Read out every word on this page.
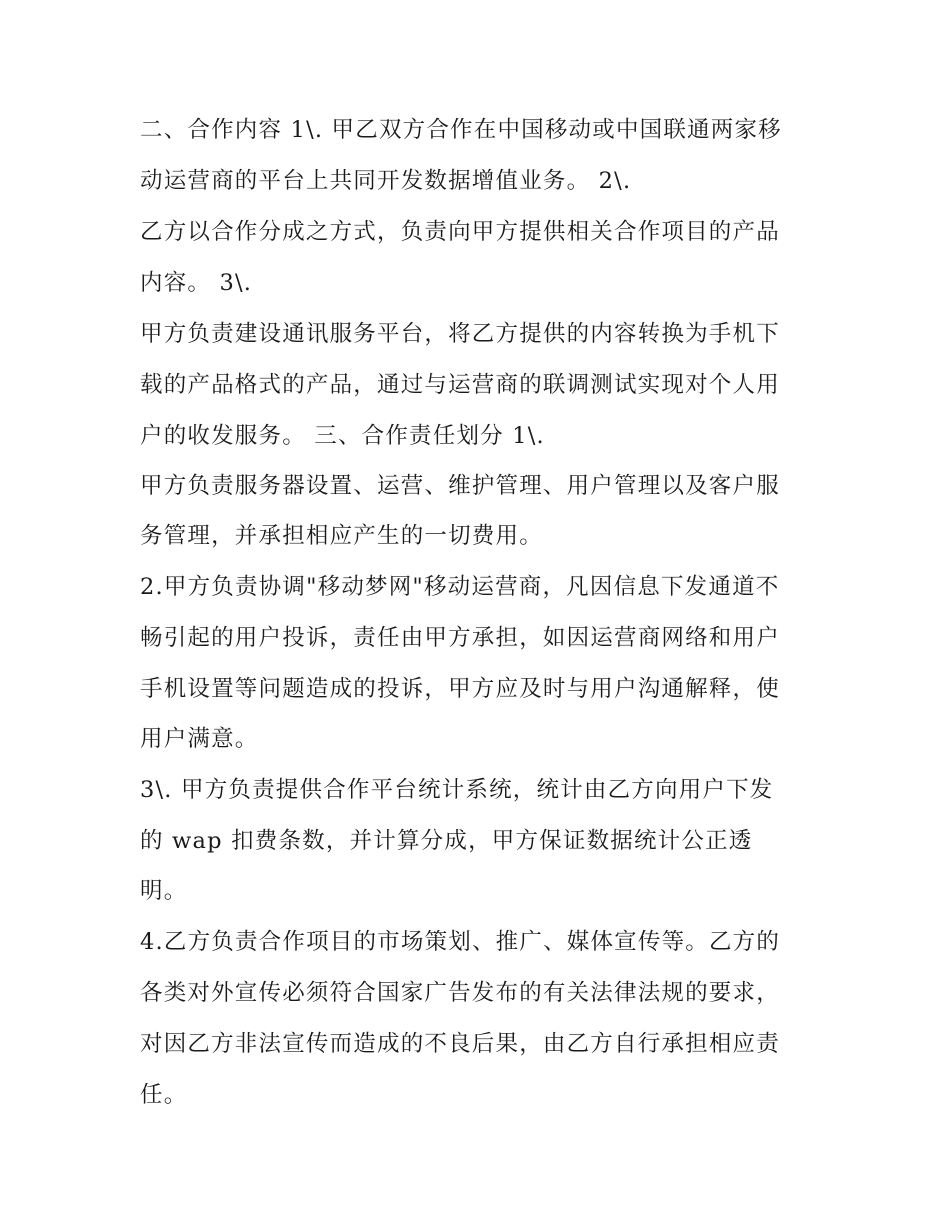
二、合作内容 1\. 甲乙双方合作在中国移动或中国联通两家移

动运营商的平台上共同开发数据增值业务。 2\.

乙方以合作分成之方式，负责向甲方提供相关合作项目的产品

内容。 3\.

甲方负责建设通讯服务平台，将乙方提供的内容转换为手机下

载的产品格式的产品，通过与运营商的联调测试实现对个人用

户的收发服务。 三、合作责任划分 1\.

甲方负责服务器设置、运营、维护管理、用户管理以及客户服

务管理，并承担相应产生的一切费用。

2.甲方负责协调"移动梦网"移动运营商，凡因信息下发通道不

畅引起的用户投诉，责任由甲方承担，如因运营商网络和用户

手机设置等问题造成的投诉，甲方应及时与用户沟通解释，使

用户满意。

3\. 甲方负责提供合作平台统计系统，统计由乙方向用户下发

的 wap 扣费条数，并计算分成，甲方保证数据统计公正透

明。

4.乙方负责合作项目的市场策划、推广、媒体宣传等。乙方的

各类对外宣传必须符合国家广告发布的有关法律法规的要求，

对因乙方非法宣传而造成的不良后果，由乙方自行承担相应责

任。
